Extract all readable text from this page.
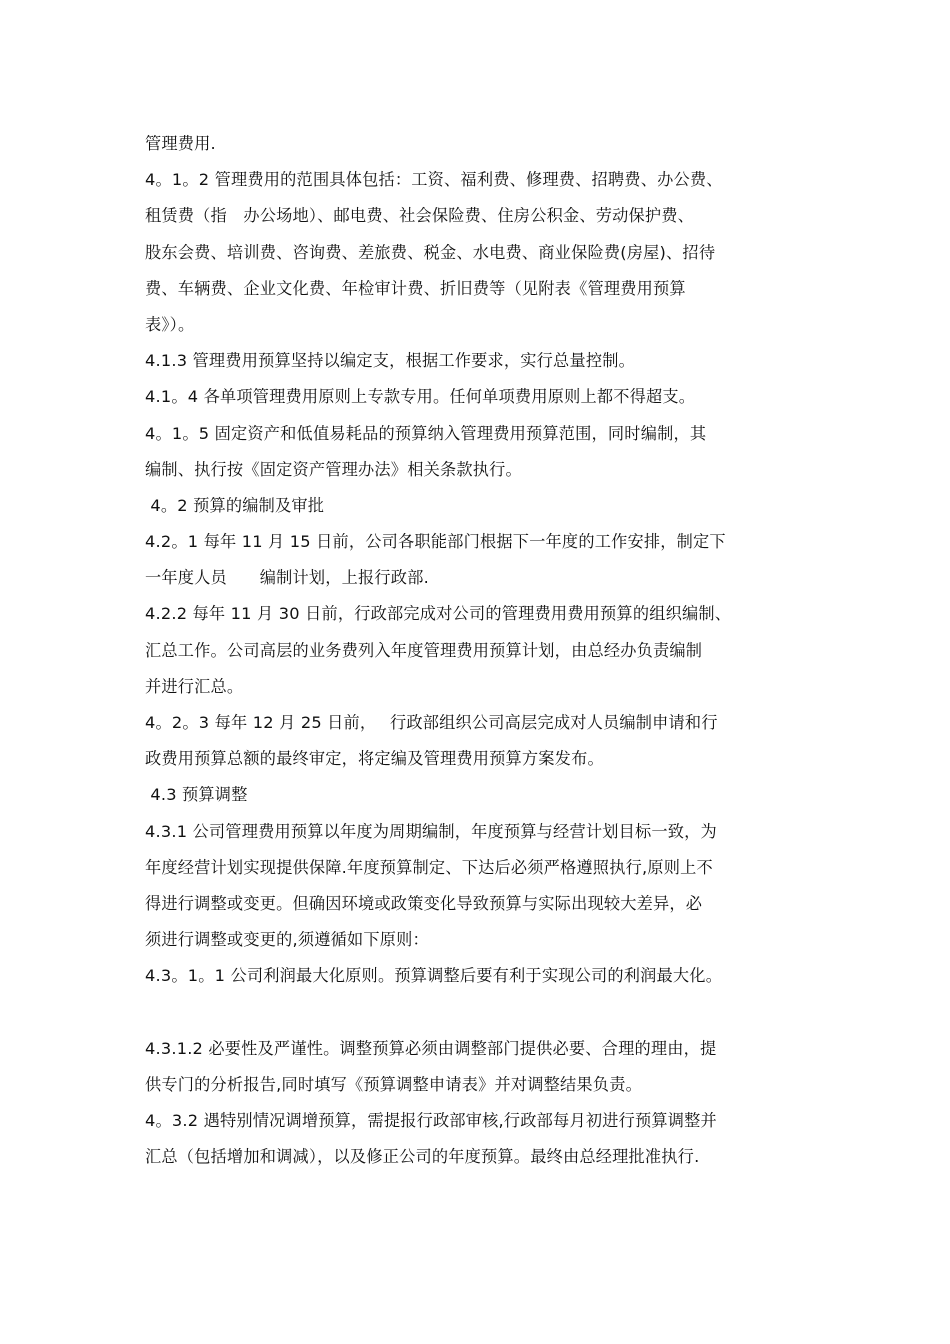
管理费用.
4。1。2 管理费用的范围具体包括：工资、福利费、修理费、招聘费、办公费、
租赁费（指　办公场地）、邮电费、社会保险费、住房公积金、劳动保护费、
股东会费、培训费、咨询费、差旅费、税金、水电费、商业保险费(房屋)、招待
费、车辆费、企业文化费、年检审计费、折旧费等（见附表《管理费用预算
表》）。
4.1.3 管理费用预算坚持以编定支，根据工作要求，实行总量控制。
4.1。4 各单项管理费用原则上专款专用。任何单项费用原则上都不得超支。
4。1。5 固定资产和低值易耗品的预算纳入管理费用预算范围，同时编制，其
编制、执行按《固定资产管理办法》相关条款执行。
4。2 预算的编制及审批
4.2。1 每年 11 月 15 日前，公司各职能部门根据下一年度的工作安排，制定下
一年度人员　　编制计划，上报行政部.
4.2.2 每年 11 月 30 日前，行政部完成对公司的管理费用费用预算的组织编制、
汇总工作。公司高层的业务费列入年度管理费用预算计划，由总经办负责编制
并进行汇总。
4。2。3 每年 12 月 25 日前，　 行政部组织公司高层完成对人员编制申请和行
政费用预算总额的最终审定，将定编及管理费用预算方案发布。
4.3 预算调整
4.3.1 公司管理费用预算以年度为周期编制，年度预算与经营计划目标一致，为
年度经营计划实现提供保障.年度预算制定、下达后必须严格遵照执行,原则上不
得进行调整或变更。但确因环境或政策变化导致预算与实际出现较大差异，必
须进行调整或变更的,须遵循如下原则：
4.3。1。1 公司利润最大化原则。预算调整后要有利于实现公司的利润最大化。
4.3.1.2 必要性及严谨性。调整预算必须由调整部门提供必要、合理的理由，提
供专门的分析报告,同时填写《预算调整申请表》并对调整结果负责。
4。3.2 遇特别情况调增预算，需提报行政部审核,行政部每月初进行预算调整并
汇总（包括增加和调减），以及修正公司的年度预算。最终由总经理批准执行.
